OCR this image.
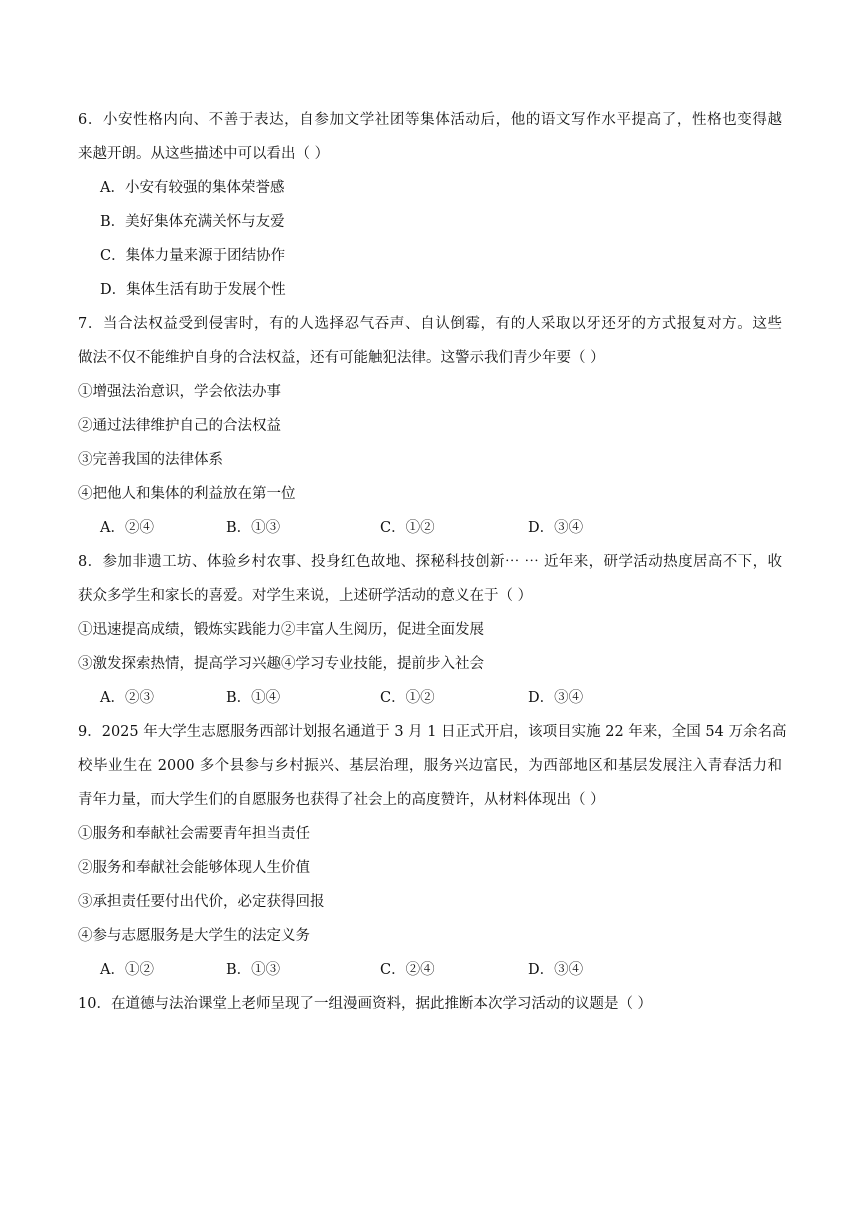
6．小安性格内向、不善于表达，自参加文学社团等集体活动后，他的语文写作水平提高了，性格也变得越
来越开朗。从这些描述中可以看出（ ）
A．小安有较强的集体荣誉感
B．美好集体充满关怀与友爱
C．集体力量来源于团结协作
D．集体生活有助于发展个性
7．当合法权益受到侵害时，有的人选择忍气吞声、自认倒霉，有的人采取以牙还牙的方式报复对方。这些
做法不仅不能维护自身的合法权益，还有可能触犯法律。这警示我们青少年要（ ）
①增强法治意识，学会依法办事
②通过法律维护自己的合法权益
③完善我国的法律体系
④把他人和集体的利益放在第一位
A．②④	B．①③	C．①②	D．③④
8．参加非遗工坊、体验乡村农事、投身红色故地、探秘科技创新⋯ ⋯ 近年来，研学活动热度居高不下，收
获众多学生和家长的喜爱。对学生来说，上述研学活动的意义在于（ ）
①迅速提高成绩，锻炼实践能力②丰富人生阅历，促进全面发展
③激发探索热情，提高学习兴趣④学习专业技能，提前步入社会
A．②③	B．①④	C．①②	D．③④
9．2025 年大学生志愿服务西部计划报名通道于 3 月 1 日正式开启，该项目实施 22 年来，全国 54 万余名高
校毕业生在 2000 多个县参与乡村振兴、基层治理，服务兴边富民，为西部地区和基层发展注入青春活力和
青年力量，而大学生们的自愿服务也获得了社会上的高度赞许，从材料体现出（ ）
①服务和奉献社会需要青年担当责任
②服务和奉献社会能够体现人生价值
③承担责任要付出代价，必定获得回报
④参与志愿服务是大学生的法定义务
A．①②	B．①③	C．②④	D．③④
10．在道德与法治课堂上老师呈现了一组漫画资料，据此推断本次学习活动的议题是（ ）
